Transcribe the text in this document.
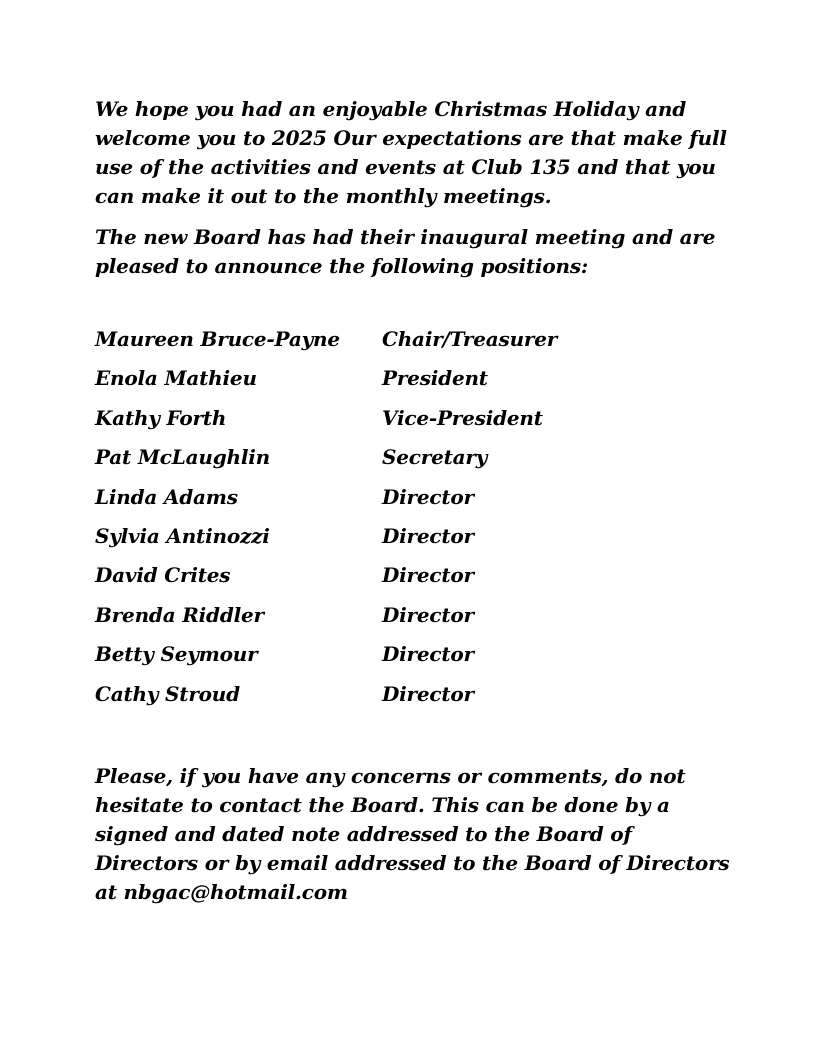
We hope you had an enjoyable Christmas Holiday and welcome you to 2025 Our expectations are that make full use of the activities and events at Club 135 and that you can make it out to the monthly meetings.

The new Board has had their inaugural meeting and are pleased to announce the following positions:

Maureen Bruce-Payne	Chair/Treasurer
Enola Mathieu	President
Kathy Forth	Vice-President
Pat McLaughlin	Secretary
Linda Adams	Director
Sylvia Antinozzi	Director
David Crites	Director
Brenda Riddler	Director
Betty Seymour	Director
Cathy Stroud	Director

Please, if you have any concerns or comments, do not hesitate to contact the Board. This can be done by a signed and dated note addressed to the Board of Directors or by email addressed to the Board of Directors at nbgac@hotmail.com
